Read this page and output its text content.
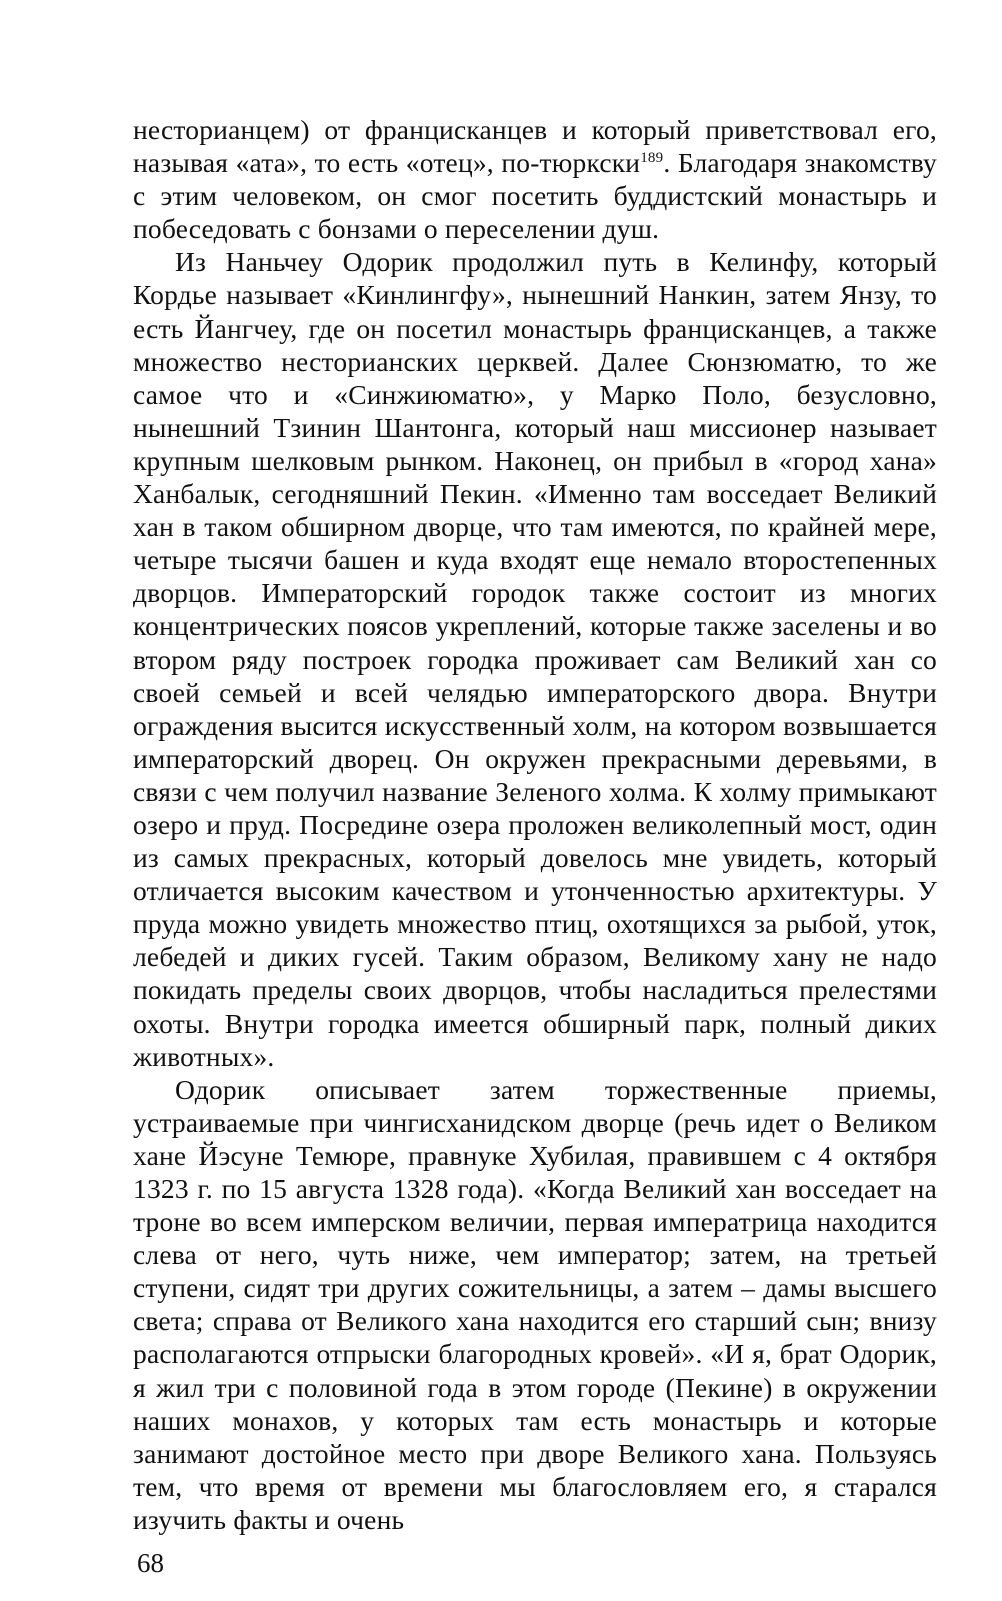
несторианцем) от францисканцев и который приветствовал его, называя «ата», то есть «отец», по-тюркски$^{189}$. Благодаря знакомству с этим человеком, он смог посетить буддистский монастырь и побеседовать с бонзами о переселении душ.

Из Наньчеу Одорик продолжил путь в Келинфу, который Кордье называет «Кинлингфу», нынешний Нанкин, затем Янзу, то есть Йангчеу, где он посетил монастырь францисканцев, а также множество несторианских церквей. Далее Сюнзюматю, то же самое что и «Синжиюматю», у Марко Поло, безусловно, нынешний Тзинин Шантонга, который наш миссионер называет крупным шелковым рынком. Наконец, он прибыл в «город хана» Ханбалык, сегодняшний Пекин. «Именно там восседает Великий хан в таком обширном дворце, что там имеются, по крайней мере, четыре тысячи башен и куда входят еще немало второстепенных дворцов. Императорский городок также состоит из многих концентрических поясов укреплений, которые также заселены и во втором ряду построек городка проживает сам Великий хан со своей семьей и всей челядью императорского двора. Внутри ограждения высится искусственный холм, на котором возвышается императорский дворец. Он окружен прекрасными деревьями, в связи с чем получил название Зеленого холма. К холму примыкают озеро и пруд. Посредине озера проложен великолепный мост, один из самых прекрасных, который довелось мне увидеть, который отличается высоким качеством и утонченностью архитектуры. У пруда можно увидеть множество птиц, охотящихся за рыбой, уток, лебедей и диких гусей. Таким образом, Великому хану не надо покидать пределы своих дворцов, чтобы насладиться прелестями охоты. Внутри городка имеется обширный парк, полный диких животных».

Одорик описывает затем торжественные приемы, устраиваемые при чингисханидском дворце (речь идет о Великом хане Йэсуне Темюре, правнуке Хубилая, правившем с 4 октября 1323 г. по 15 августа 1328 года). «Когда Великий хан восседает на троне во всем имперском величии, первая императрица находится слева от него, чуть ниже, чем император; затем, на третьей ступени, сидят три других сожительницы, а затем – дамы высшего света; справа от Великого хана находится его старший сын; внизу располагаются отпрыски благородных кровей». «И я, брат Одорик, я жил три с половиной года в этом городе (Пекине) в окружении наших монахов, у которых там есть монастырь и которые занимают достойное место при дворе Великого хана. Пользуясь тем, что время от времени мы благословляем его, я старался изучить факты и очень

68
